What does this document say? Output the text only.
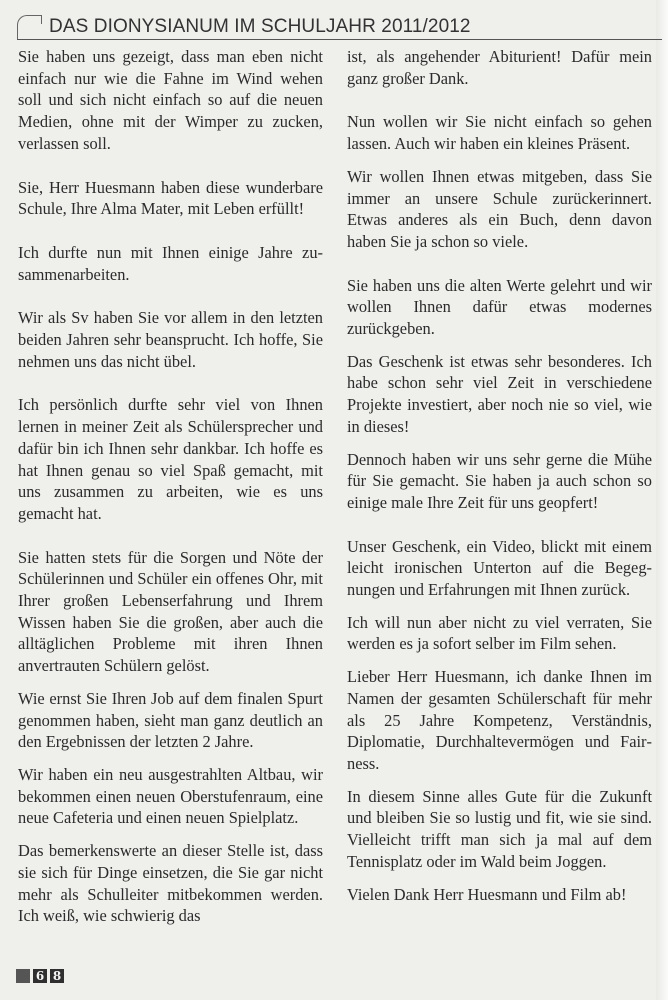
DAS DIONYSIANUM IM SCHULJAHR 2011/2012

Sie haben uns gezeigt, dass man eben nicht einfach nur wie die Fahne im Wind wehen soll und sich nicht einfach so auf die neuen Medien, ohne mit der Wimper zu zucken, verlassen soll.

Sie, Herr Huesmann haben diese wunderbare Schule, Ihre Alma Mater, mit Leben erfüllt!

Ich durfte nun mit Ihnen einige Jahre zusammenarbeiten.

Wir als Sv haben Sie vor allem in den letzten beiden Jahren sehr beansprucht. Ich hoffe, Sie nehmen uns das nicht übel.

Ich persönlich durfte sehr viel von Ihnen lernen in meiner Zeit als Schülersprecher und dafür bin ich Ihnen sehr dankbar. Ich hoffe es hat Ihnen genau so viel Spaß gemacht, mit uns zusammen zu arbeiten, wie es uns gemacht hat.

Sie hatten stets für die Sorgen und Nöte der Schülerinnen und Schüler ein offenes Ohr, mit Ihrer großen Lebenserfahrung und Ihrem Wissen haben Sie die großen, aber auch die alltäglichen Probleme mit ihren Ihnen anvertrauten Schülern gelöst.

Wie ernst Sie Ihren Job auf dem finalen Spurt genommen haben, sieht man ganz deutlich an den Ergebnissen der letzten 2 Jahre.

Wir haben ein neu ausgestrahlten Altbau, wir bekommen einen neuen Oberstufenraum, eine neue Cafeteria und einen neuen Spielplatz.

Das bemerkenswerte an dieser Stelle ist, dass sie sich für Dinge einsetzen, die Sie gar nicht mehr als Schulleiter mitbekommen werden. Ich weiß, wie schwierig das

ist, als angehender Abiturient! Dafür mein ganz großer Dank.

Nun wollen wir Sie nicht einfach so gehen lassen. Auch wir haben ein kleines Präsent.

Wir wollen Ihnen etwas mitgeben, dass Sie immer an unsere Schule zurückerinnert. Etwas anderes als ein Buch, denn davon haben Sie ja schon so viele.

Sie haben uns die alten Werte gelehrt und wir wollen Ihnen dafür etwas modernes zurückgeben.

Das Geschenk ist etwas sehr besonderes. Ich habe schon sehr viel Zeit in verschiedene Projekte investiert, aber noch nie so viel, wie in dieses!

Dennoch haben wir uns sehr gerne die Mühe für Sie gemacht. Sie haben ja auch schon so einige male Ihre Zeit für uns geopfert!

Unser Geschenk, ein Video, blickt mit einem leicht ironischen Unterton auf die Begegnungen und Erfahrungen mit Ihnen zurück.

Ich will nun aber nicht zu viel verraten, Sie werden es ja sofort selber im Film sehen.

Lieber Herr Huesmann, ich danke Ihnen im Namen der gesamten Schülerschaft für mehr als 25 Jahre Kompetenz, Verständnis, Diplomatie, Durchhaltevermögen und Fairness.

In diesem Sinne alles Gute für die Zukunft und bleiben Sie so lustig und fit, wie sie sind. Vielleicht trifft man sich ja mal auf dem Tennisplatz oder im Wald beim Joggen.

Vielen Dank Herr Huesmann und Film ab!

6 8
